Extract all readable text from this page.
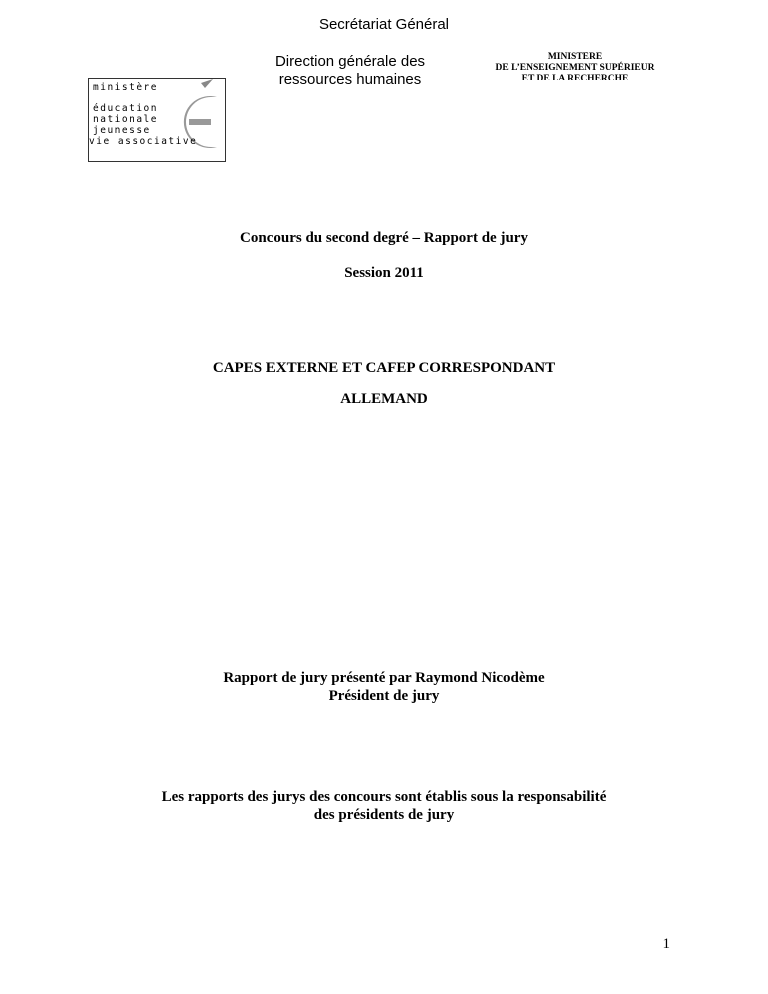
Secrétariat Général
Direction générale des
ressources humaines
MINISTÈRE
DE L’ENSEIGNEMENT SUPÉRIEUR
ET DE LA RECHERCHE
ministère
éducation
nationale
jeunesse
vie associative
Concours du second degré – Rapport de jury
Session 2011
CAPES EXTERNE ET CAFEP CORRESPONDANT
ALLEMAND
Rapport de jury présenté par Raymond Nicodème
Président de jury
Les rapports des jurys des concours sont établis sous la responsabilité
des présidents de jury
1
